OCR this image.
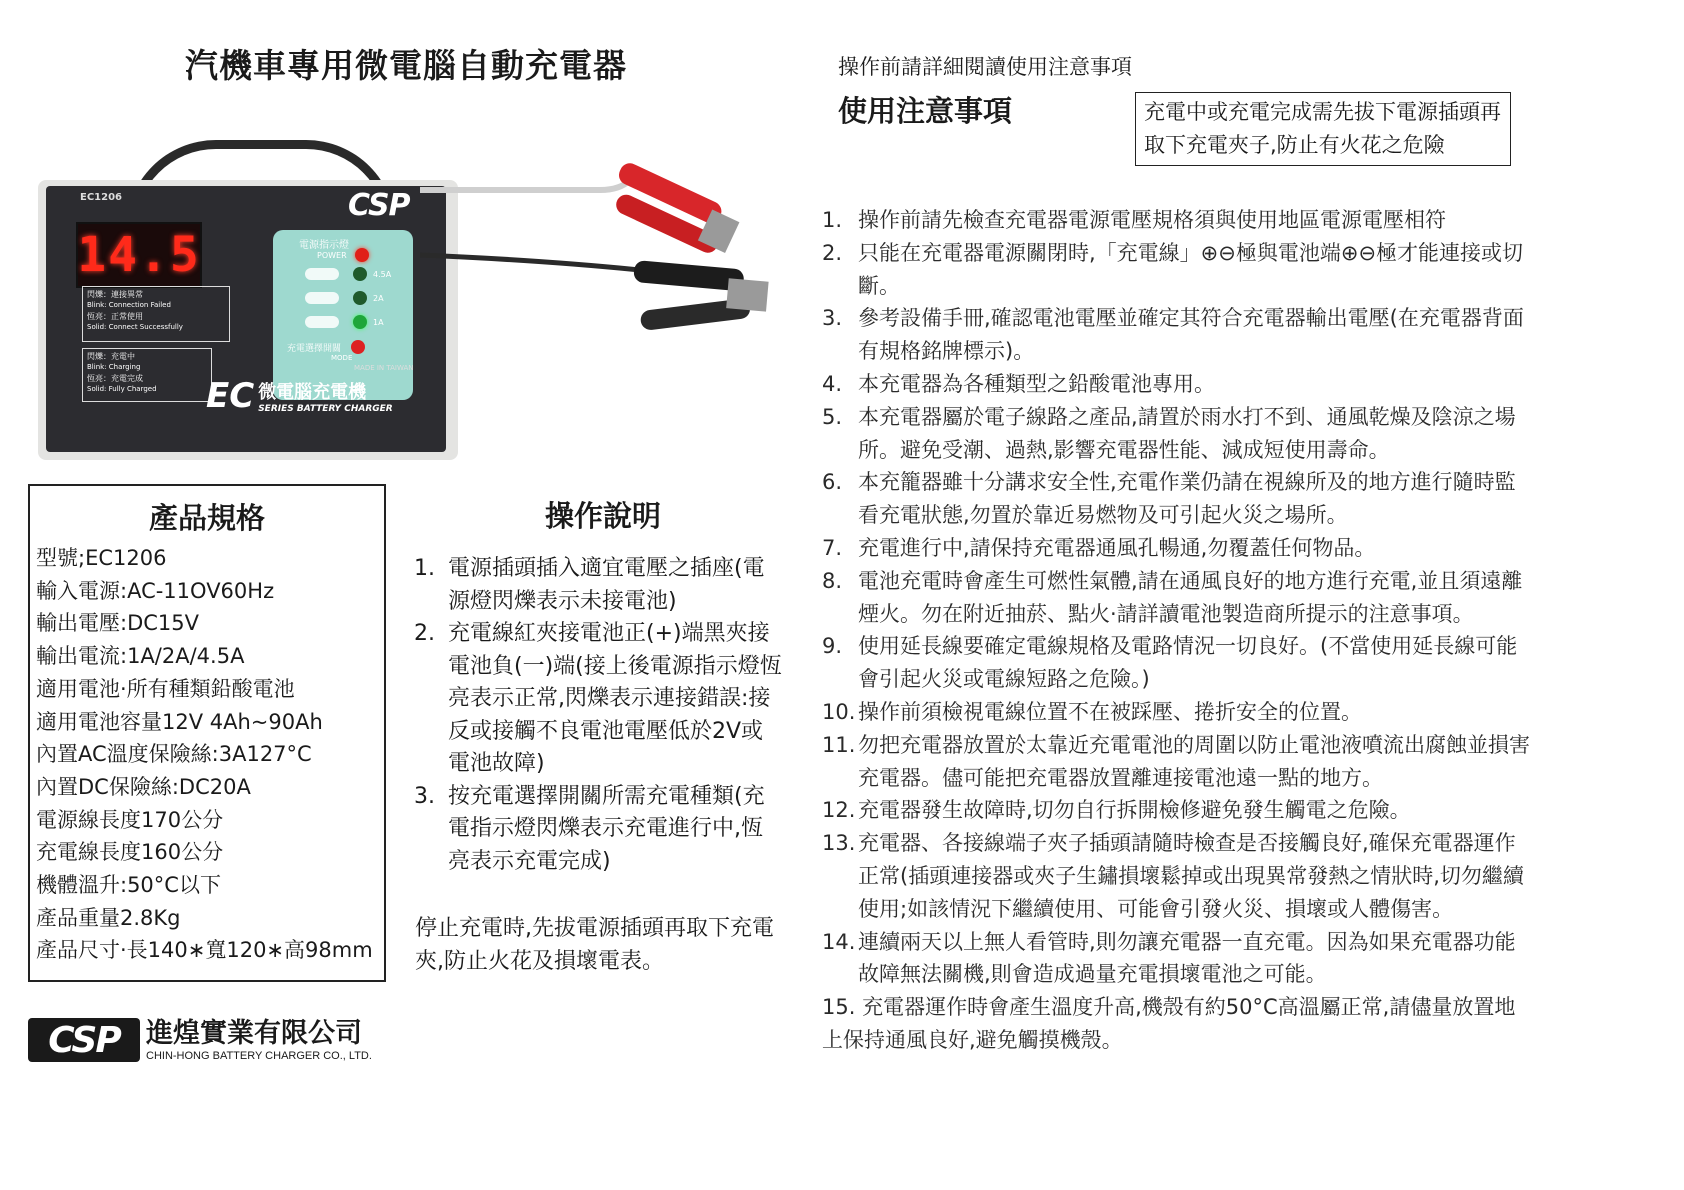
汽機車專用微電腦自動充電器
EC1206	CSP
14.5	電源指示燈
POWER
4.5A
2A
1A
充電選擇開關
MODE
閃爍：連接異常
Blink: Connection Failed
恆亮：正常使用
Solid: Connect Successfully
閃爍：充電中
Blink: Charging
恆亮：充電完成
Solid: Fully Charged
MADE IN TAIWAN
EC 微電腦充電機
SERIES BATTERY CHARGER
產品規格
型號;EC1206
輸入電源:AC-11OV60Hz
輸出電壓:DC15V
輸出電流:1A/2A/4.5A
適用電池·所有種類鉛酸電池
適用電池容量12V 4Ah~90Ah
內置AC溫度保險絲:3A127°C
內置DC保險絲:DC20A
電源線長度170公分
充電線長度160公分
機體溫升:50°C以下
產品重量2.8Kg
產品尺寸·長140∗寬120∗高98mm
操作說明
1. 電源插頭插入適宜電壓之插座(電源燈閃爍表示未接電池)
2. 充電線紅夾接電池正(+)端黑夾接電池負(一)端(接上後電源指示燈恆亮表示正常,閃爍表示連接錯誤:接反或接觸不良電池電壓低於2V或電池故障)
3. 按充電選擇開關所需充電種類(充電指示燈閃爍表示充電進行中,恆亮表示充電完成)
停止充電時,先拔電源插頭再取下充電夾,防止火花及損壞電表。
CSP 進煌實業有限公司
CHIN-HONG BATTERY CHARGER CO., LTD.
操作前請詳細閱讀使用注意事項
使用注意事項	充電中或充電完成需先拔下電源插頭再取下充電夾子,防止有火花之危險
1. 操作前請先檢查充電器電源電壓規格須與使用地區電源電壓相符
2. 只能在充電器電源關閉時,「充電線」⊕⊖極與電池端⊕⊖極才能連接或切斷。
3. 參考設備手冊,確認電池電壓並確定其符合充電器輸出電壓(在充電器背面有規格銘牌標示)。
4. 本充電器為各種類型之鉛酸電池專用。
5. 本充電器屬於電子線路之產品,請置於雨水打不到、通風乾燥及陰涼之場所。避免受潮、過熱,影響充電器性能、減成短使用壽命。
6. 本充籠器雖十分講求安全性,充電作業仍請在視線所及的地方進行隨時監看充電狀態,勿置於靠近易燃物及可引起火災之場所。
7. 充電進行中,請保持充電器通風孔暢通,勿覆蓋任何物品。
8. 電池充電時會產生可燃性氣體,請在通風良好的地方進行充電,並且須遠離煙火。勿在附近抽菸、點火·請詳讀電池製造商所提示的注意事項。
9. 使用延長線要確定電線規格及電路情況一切良好。(不當使用延長線可能會引起火災或電線短路之危險。)
10. 操作前須檢視電線位置不在被踩壓、捲折安全的位置。
11. 勿把充電器放置於太靠近充電電池的周圍以防止電池液噴流出腐蝕並損害充電器。儘可能把充電器放置離連接電池遠一點的地方。
12. 充電器發生故障時,切勿自行拆開檢修避免發生觸電之危險。
13. 充電器、各接線端子夾子插頭請隨時檢查是否接觸良好,確保充電器運作正常(插頭連接器或夾子生鏽損壞鬆掉或出現異常發熱之情狀時,切勿繼續使用;如該情況下繼續使用、可能會引發火災、損壞或人體傷害。
14. 連續兩天以上無人看管時,則勿讓充電器一直充電。因為如果充電器功能故障無法關機,則會造成過量充電損壞電池之可能。
15. 充電器運作時會產生溫度升高,機殼有約50°C高溫屬正常,請儘量放置地上保持通風良好,避免觸摸機殼。
